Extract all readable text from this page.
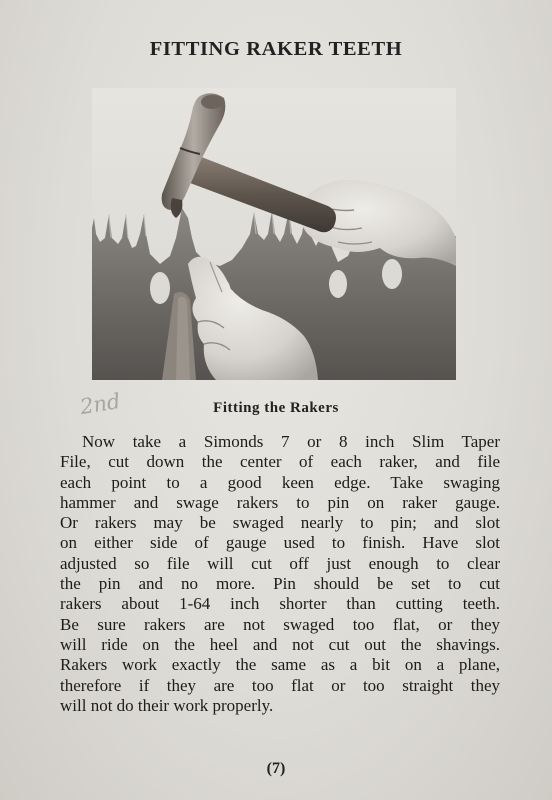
FITTING RAKER TEETH
2nd	Fitting the Rakers
Now take a Simonds 7 or 8 inch Slim Taper
File, cut down the center of each raker, and file
each point to a good keen edge. Take swaging
hammer and swage rakers to pin on raker gauge.
Or rakers may be swaged nearly to pin; and slot
on either side of gauge used to finish. Have slot
adjusted so file will cut off just enough to clear
the pin and no more. Pin should be set to cut
rakers about 1-64 inch shorter than cutting teeth.
Be sure rakers are not swaged too flat, or they
will ride on the heel and not cut out the shavings.
Rakers work exactly the same as a bit on a plane,
therefore if they are too flat or too straight they
will not do their work properly.
(7)
